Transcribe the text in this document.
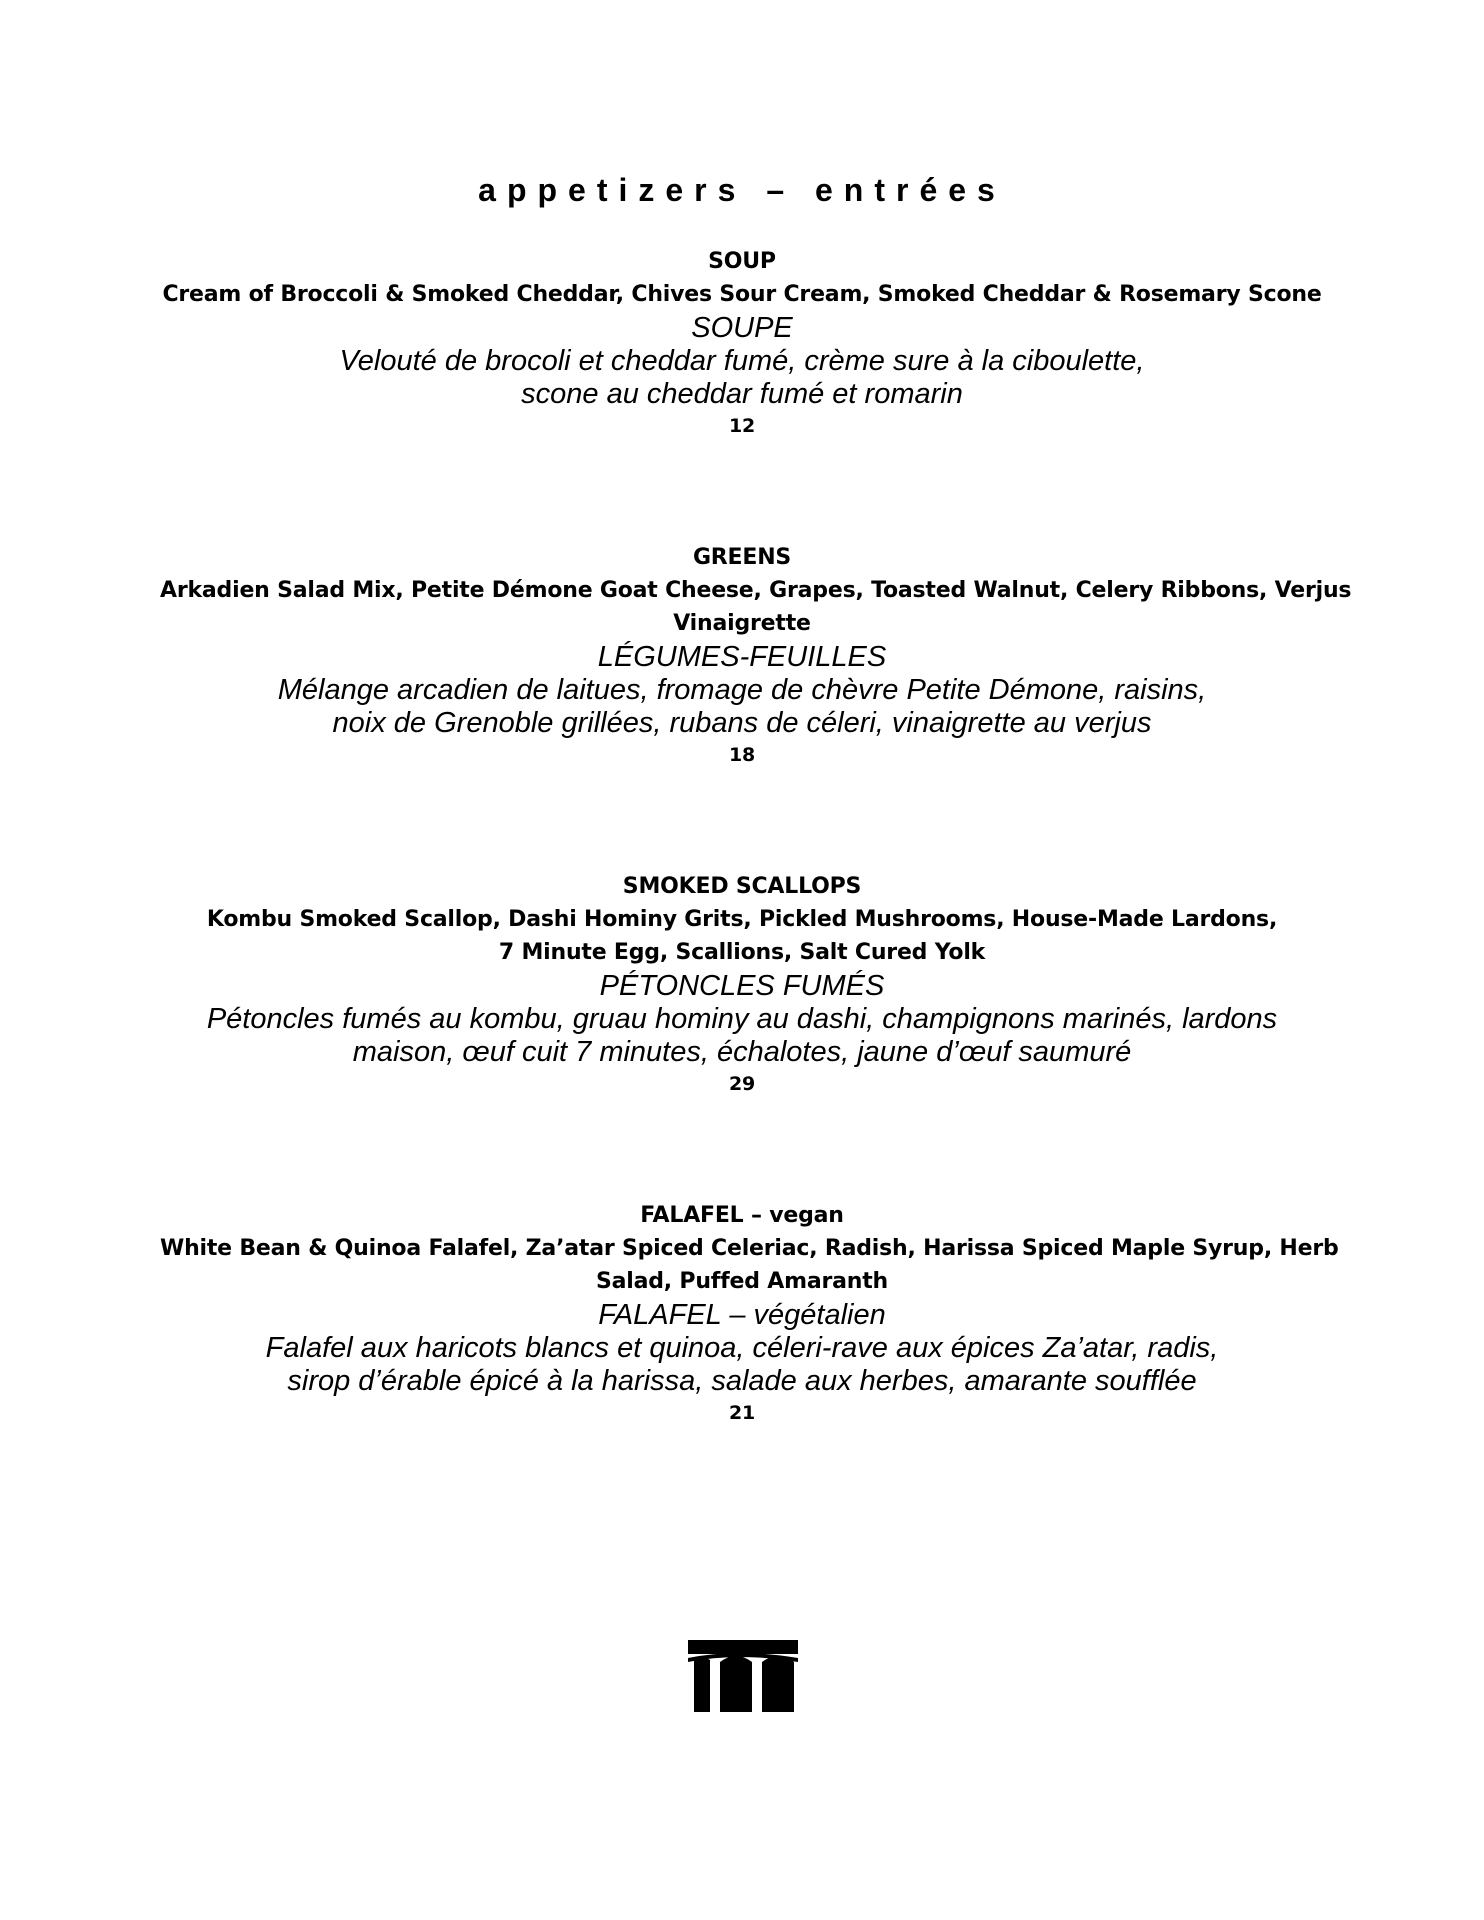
appetizers – entrées
SOUP
Cream of Broccoli & Smoked Cheddar, Chives Sour Cream, Smoked Cheddar & Rosemary Scone
SOUPE
Velouté de brocoli et cheddar fumé, crème sure à la ciboulette,
scone au cheddar fumé et romarin
12
GREENS
Arkadien Salad Mix, Petite Démone Goat Cheese, Grapes, Toasted Walnut, Celery Ribbons, Verjus
Vinaigrette
LÉGUMES-FEUILLES
Mélange arcadien de laitues, fromage de chèvre Petite Démone, raisins,
noix de Grenoble grillées, rubans de céleri, vinaigrette au verjus
18
SMOKED SCALLOPS
Kombu Smoked Scallop, Dashi Hominy Grits, Pickled Mushrooms, House-Made Lardons,
7 Minute Egg, Scallions, Salt Cured Yolk
PÉTONCLES FUMÉS
Pétoncles fumés au kombu, gruau hominy au dashi, champignons marinés, lardons
maison, œuf cuit 7 minutes, échalotes, jaune d’œuf saumuré
29
FALAFEL – vegan
White Bean & Quinoa Falafel, Za’atar Spiced Celeriac, Radish, Harissa Spiced Maple Syrup, Herb
Salad, Puffed Amaranth
FALAFEL – végétalien
Falafel aux haricots blancs et quinoa, céleri-rave aux épices Za’atar, radis,
sirop d’érable épicé à la harissa, salade aux herbes, amarante soufflée
21
